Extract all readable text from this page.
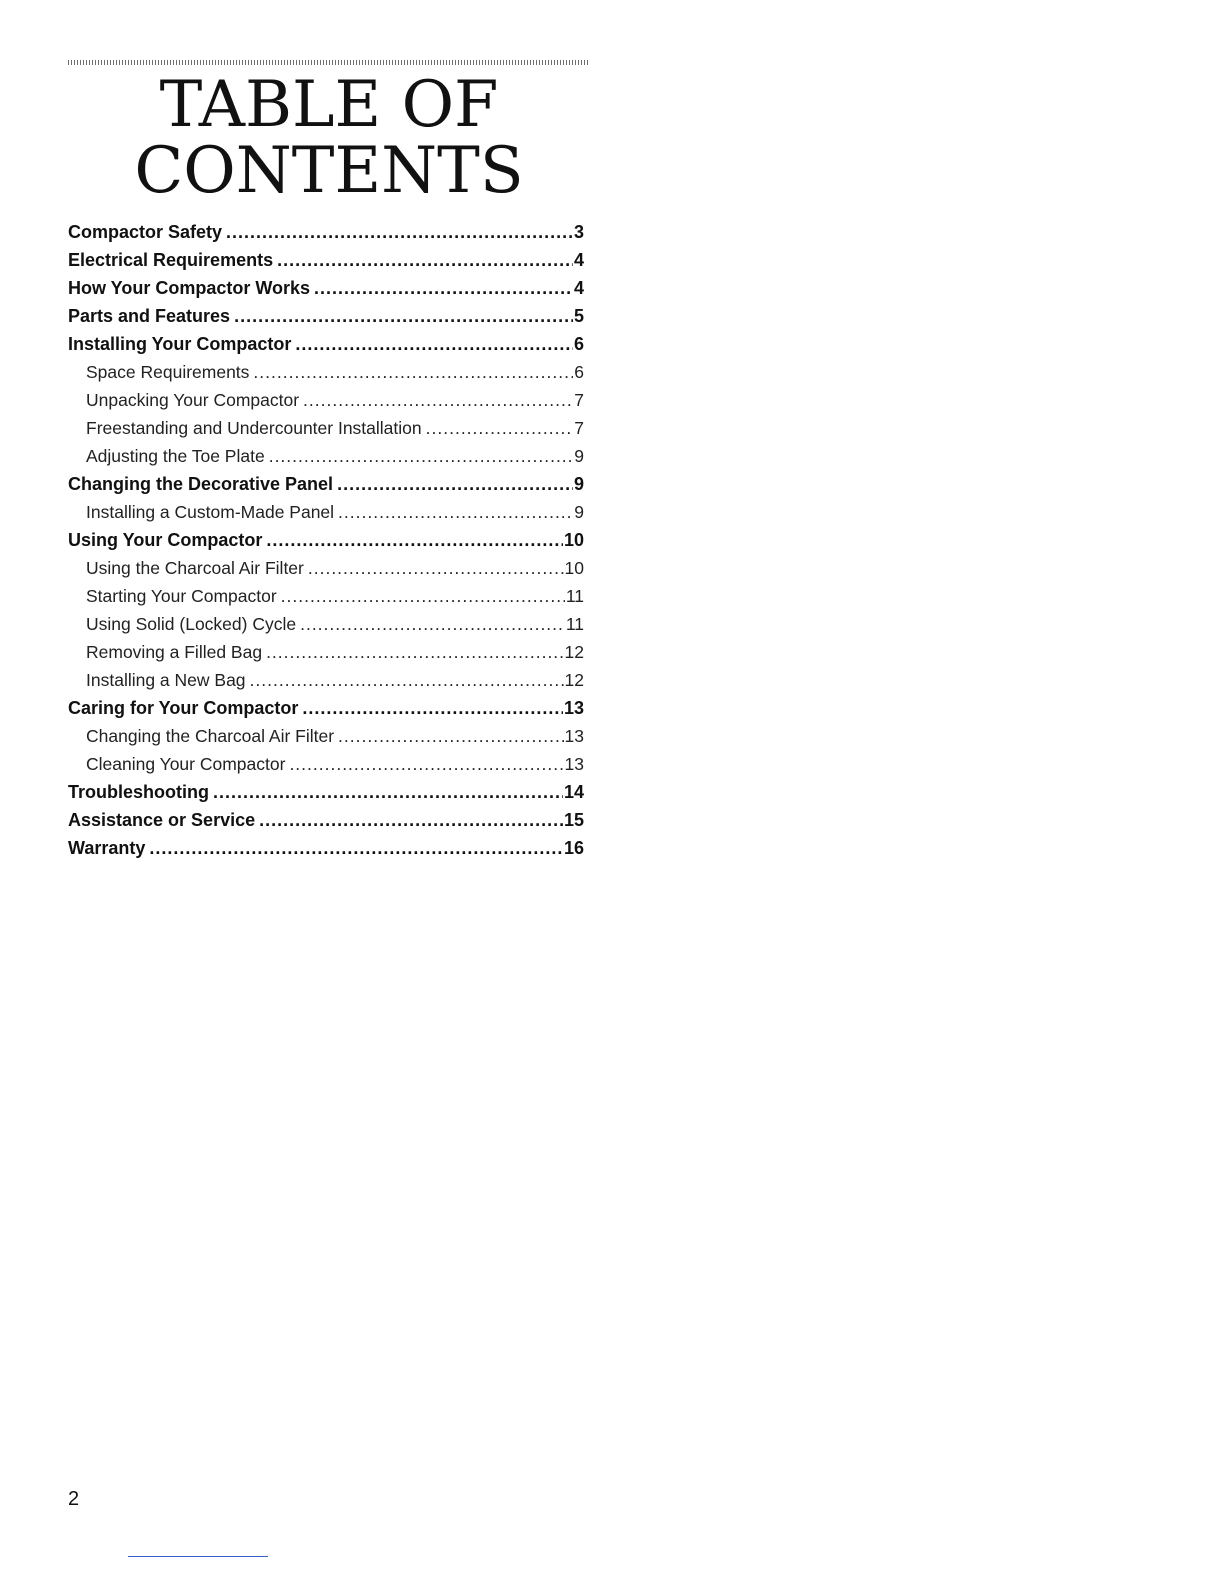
TABLE OF
CONTENTS
Compactor Safety .....	3
Electrical Requirements .....	4
How Your Compactor Works .....	4
Parts and Features .....	5
Installing Your Compactor .....	6
Space Requirements .....	6
Unpacking Your Compactor .....	7
Freestanding and Undercounter Installation .....	7
Adjusting the Toe Plate .....	9
Changing the Decorative Panel .....	9
Installing a Custom-Made Panel .....	9
Using Your Compactor .....	10
Using the Charcoal Air Filter .....	10
Starting Your Compactor .....	11
Using Solid (Locked) Cycle .....	11
Removing a Filled Bag .....	12
Installing a New Bag .....	12
Caring for Your Compactor .....	13
Changing the Charcoal Air Filter .....	13
Cleaning Your Compactor .....	13
Troubleshooting .....	14
Assistance or Service .....	15
Warranty .....	16
2
